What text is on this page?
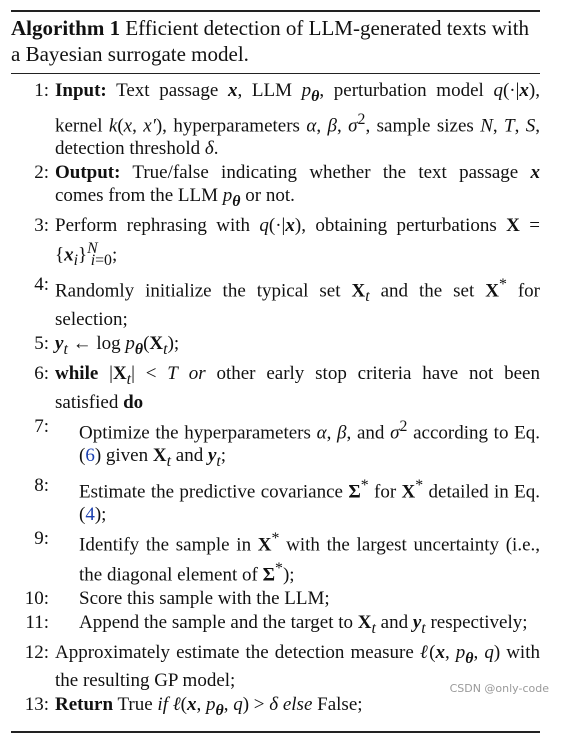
Algorithm 1 Efficient detection of LLM-generated texts with a Bayesian surrogate model.
1: Input: Text passage x, LLM $p_\theta$, perturbation model q(·|x), kernel k(x, x′), hyperparameters α, β, $\sigma^2$, sample sizes N, T, S, detection threshold δ.
2: Output: True/false indicating whether the text passage x comes from the LLM $p_\theta$ or not.
3: Perform rephrasing with q(·|x), obtaining perturbations $X = \{x_i\}^N_{i=0}$;
4: Randomly initialize the typical set $X_t$ and the set X* for selection;
5: $y_t$ ← $\log p_\theta(X_t)$;
6: while $|X_t| < T$ or other early stop criteria have not been satisfied do
7:	Optimize the hyperparameters α, β, and $\sigma^2$ according to Eq. (6) given $X_t$ and $y_t$;
8:	Estimate the predictive covariance Σ* for X* detailed in Eq. (4);
9:	Identify the sample in X* with the largest uncertainty (i.e., the diagonal element of Σ*);
10:	Score this sample with the LLM;
11:	Append the sample and the target to $X_t$ and $y_t$ respectively;
12: Approximately estimate the detection measure ℓ(x, $p_\theta$, q) with the resulting GP model;
13: Return True if ℓ(x, $p_\theta$, q) > δ else False;
CSDN @only-code
